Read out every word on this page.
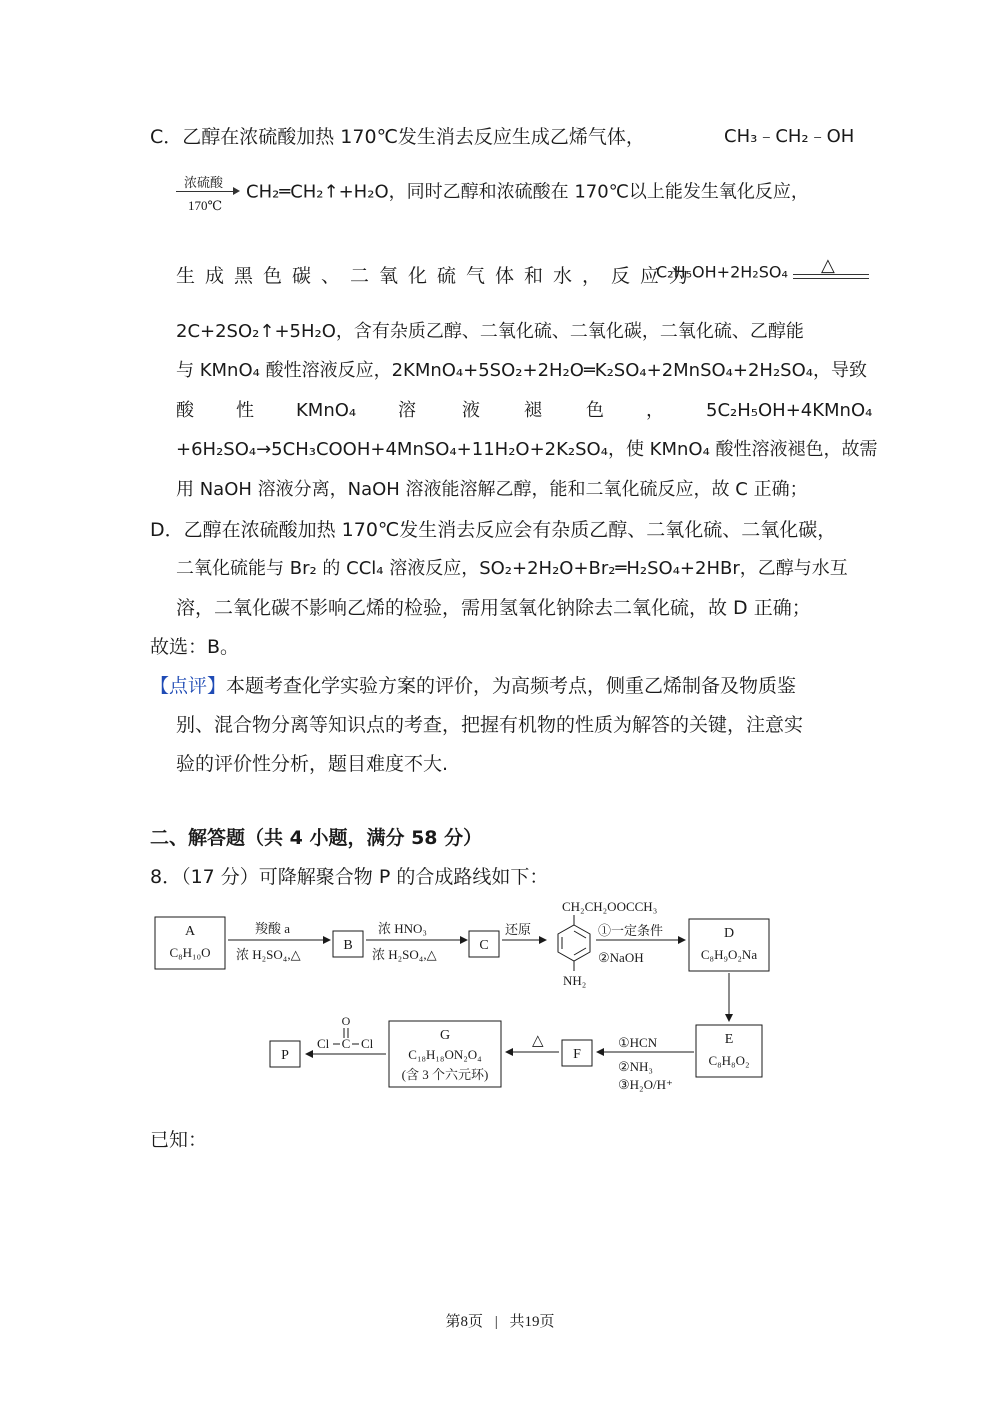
C．乙醇在浓硫酸加热 170℃发生消去反应生成乙烯气体，	CH₃﹣CH₂﹣OH
浓硫酸
170℃
CH₂═CH₂↑+H₂O，同时乙醇和浓硫酸在 170℃以上能发生氧化反应，
生成黑色碳、二氧化硫气体和水，反应为
C₂H₅OH+2H₂SO₄ △
2C+2SO₂↑+5H₂O，含有杂质乙醇、二氧化硫、二氧化碳，二氧化硫、乙醇能
与 KMnO₄ 酸性溶液反应，2KMnO₄+5SO₂+2H₂O═K₂SO₄+2MnSO₄+2H₂SO₄，导致
酸 性 KMnO₄ 溶	液 褪 色 ， 5C₂H₅OH+4KMnO₄
+6H₂SO₄→5CH₃COOH+4MnSO₄+11H₂O+2K₂SO₄，使 KMnO₄ 酸性溶液褪色，故需
用 NaOH 溶液分离，NaOH 溶液能溶解乙醇，能和二氧化硫反应，故 C 正确；
D．乙醇在浓硫酸加热 170℃发生消去反应会有杂质乙醇、二氧化硫、二氧化碳，
二氧化硫能与 Br₂ 的 CCl₄ 溶液反应，SO₂+2H₂O+Br₂═H₂SO₄+2HBr，乙醇与水互
溶，二氧化碳不影响乙烯的检验，需用氢氧化钠除去二氧化硫，故 D 正确；
故选：B。
【点评】本题考查化学实验方案的评价，为高频考点，侧重乙烯制备及物质鉴
别、混合物分离等知识点的考查，把握有机物的性质为解答的关键，注意实
验的评价性分析，题目难度不大.
二、解答题（共 4 小题，满分 58 分）
8．（17 分）可降解聚合物 P 的合成路线如下：
A
C₈H₁₀O
羧酸 a
浓 H₂SO₄,△
B
浓 HNO₃
浓 H₂SO₄,△
C
还原
CH₂CH₂OOCCH₃
NH₂
①一定条件
②NaOH
D
C₈H₉O₂Na
E
C₈H₈O₂
①HCN
②NH₃
③H₂O/H⁺
F
△
G
C₁₈H₁₈ON₂O₄
(含 3 个六元环)
O
Cl C Cl
P
已知：
第8页 | 共19页
